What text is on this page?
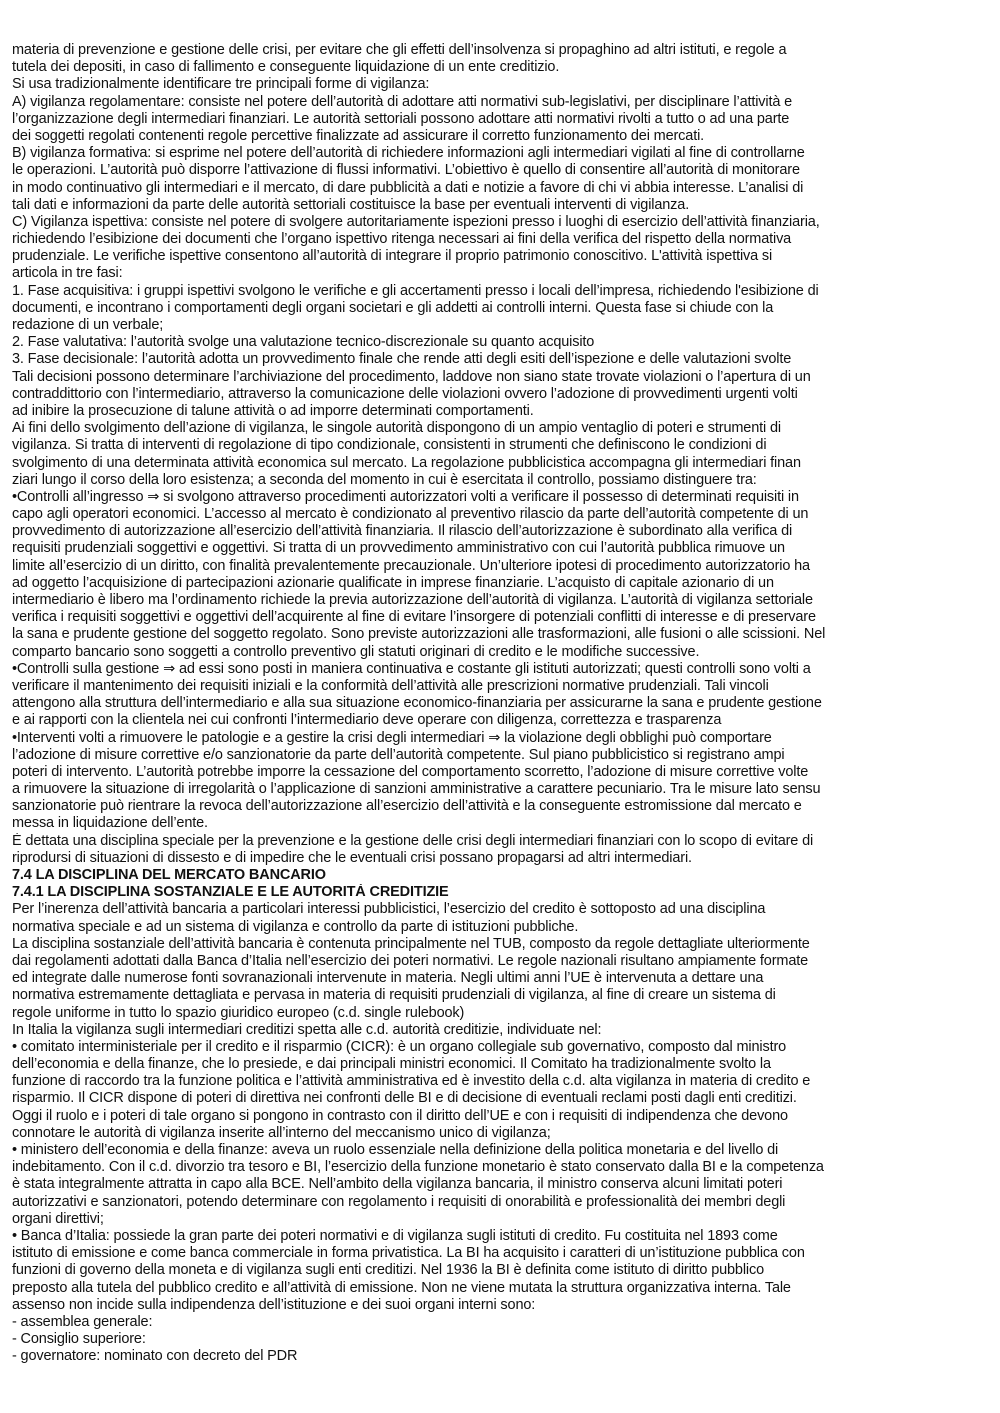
materia di prevenzione e gestione delle crisi, per evitare che gli effetti dell’insolvenza si propaghino ad altri istituti, e regole a
tutela dei depositi, in caso di fallimento e conseguente liquidazione di un ente creditizio.
Si usa tradizionalmente identificare tre principali forme di vigilanza:
A) vigilanza regolamentare: consiste nel potere dell’autorità di adottare atti normativi sub-legislativi, per disciplinare l’attività e
l’organizzazione degli intermediari finanziari. Le autorità settoriali possono adottare atti normativi rivolti a tutto o ad una parte
dei soggetti regolati contenenti regole percettive finalizzate ad assicurare il corretto funzionamento dei mercati.
B) vigilanza formativa: si esprime nel potere dell’autorità di richiedere informazioni agli intermediari vigilati al fine di controllarne
le operazioni. L’autorità può disporre l’attivazione di flussi informativi. L’obiettivo è quello di consentire all’autorità di monitorare
in modo continuativo gli intermediari e il mercato, di dare pubblicità a dati e notizie a favore di chi vi abbia interesse. L’analisi di
tali dati e informazioni da parte delle autorità settoriali costituisce la base per eventuali interventi di vigilanza.
C) Vigilanza ispettiva: consiste nel potere di svolgere autoritariamente ispezioni presso i luoghi di esercizio dell’attività finanziaria,
richiedendo l’esibizione dei documenti che l’organo ispettivo ritenga necessari ai fini della verifica del rispetto della normativa
prudenziale. Le verifiche ispettive consentono all’autorità di integrare il proprio patrimonio conoscitivo. L'attività ispettiva si
articola in tre fasi:
1. Fase acquisitiva: i gruppi ispettivi svolgono le verifiche e gli accertamenti presso i locali dell’impresa, richiedendo l'esibizione di
documenti, e incontrano i comportamenti degli organi societari e gli addetti ai controlli interni. Questa fase si chiude con la
redazione di un verbale;
2. Fase valutativa: l’autorità svolge una valutazione tecnico-discrezionale su quanto acquisito
3. Fase decisionale: l’autorità adotta un provvedimento finale che rende atti degli esiti dell’ispezione e delle valutazioni svolte
Tali decisioni possono determinare l’archiviazione del procedimento, laddove non siano state trovate violazioni o l’apertura di un
contraddittorio con l’intermediario, attraverso la comunicazione delle violazioni ovvero l’adozione di provvedimenti urgenti volti
ad inibire la prosecuzione di talune attività o ad imporre determinati comportamenti.
Ai fini dello svolgimento dell’azione di vigilanza, le singole autorità dispongono di un ampio ventaglio di poteri e strumenti di
vigilanza. Si tratta di interventi di regolazione di tipo condizionale, consistenti in strumenti che definiscono le condizioni di
svolgimento di una determinata attività economica sul mercato. La regolazione pubblicistica accompagna gli intermediari finan
ziari lungo il corso della loro esistenza; a seconda del momento in cui è esercitata il controllo, possiamo distinguere tra:
•Controlli all’ingresso ⇒ si svolgono attraverso procedimenti autorizzatori volti a verificare il possesso di determinati requisiti in
capo agli operatori economici. L’accesso al mercato è condizionato al preventivo rilascio da parte dell’autorità competente di un
provvedimento di autorizzazione all’esercizio dell’attività finanziaria. Il rilascio dell’autorizzazione è subordinato alla verifica di
requisiti prudenziali soggettivi e oggettivi. Si tratta di un provvedimento amministrativo con cui l’autorità pubblica rimuove un
limite all’esercizio di un diritto, con finalità prevalentemente precauzionale. Un’ulteriore ipotesi di procedimento autorizzatorio ha
ad oggetto l’acquisizione di partecipazioni azionarie qualificate in imprese finanziarie. L’acquisto di capitale azionario di un
intermediario è libero ma l’ordinamento richiede la previa autorizzazione dell’autorità di vigilanza. L’autorità di vigilanza settoriale
verifica i requisiti soggettivi e oggettivi dell’acquirente al fine di evitare l’insorgere di potenziali conflitti di interesse e di preservare
la sana e prudente gestione del soggetto regolato. Sono previste autorizzazioni alle trasformazioni, alle fusioni o alle scissioni. Nel
comparto bancario sono soggetti a controllo preventivo gli statuti originari di credito e le modifiche successive.
•Controlli sulla gestione ⇒ ad essi sono posti in maniera continuativa e costante gli istituti autorizzati; questi controlli sono volti a
verificare il mantenimento dei requisiti iniziali e la conformità dell’attività alle prescrizioni normative prudenziali. Tali vincoli
attengono alla struttura dell’intermediario e alla sua situazione economico-finanziaria per assicurarne la sana e prudente gestione
e ai rapporti con la clientela nei cui confronti l’intermediario deve operare con diligenza, correttezza e trasparenza
•Interventi volti a rimuovere le patologie e a gestire la crisi degli intermediari ⇒ la violazione degli obblighi può comportare
l’adozione di misure correttive e/o sanzionatorie da parte dell’autorità competente. Sul piano pubblicistico si registrano ampi
poteri di intervento. L’autorità potrebbe imporre la cessazione del comportamento scorretto, l’adozione di misure correttive volte
a rimuovere la situazione di irregolarità o l’applicazione di sanzioni amministrative a carattere pecuniario. Tra le misure lato sensu
sanzionatorie può rientrare la revoca dell’autorizzazione all’esercizio dell’attività e la conseguente estromissione dal mercato e
messa in liquidazione dell’ente.
È dettata una disciplina speciale per la prevenzione e la gestione delle crisi degli intermediari finanziari con lo scopo di evitare di
riprodursi di situazioni di dissesto e di impedire che le eventuali crisi possano propagarsi ad altri intermediari.
7.4 LA DISCIPLINA DEL MERCATO BANCARIO
7.4.1 LA DISCIPLINA SOSTANZIALE E LE AUTORITÀ CREDITIZIE
Per l’inerenza dell’attività bancaria a particolari interessi pubblicistici, l’esercizio del credito è sottoposto ad una disciplina
normativa speciale e ad un sistema di vigilanza e controllo da parte di istituzioni pubbliche.
La disciplina sostanziale dell’attività bancaria è contenuta principalmente nel TUB, composto da regole dettagliate ulteriormente
dai regolamenti adottati dalla Banca d’Italia nell’esercizio dei poteri normativi. Le regole nazionali risultano ampiamente formate
ed integrate dalle numerose fonti sovranazionali intervenute in materia. Negli ultimi anni l’UE è intervenuta a dettare una
normativa estremamente dettagliata e pervasa in materia di requisiti prudenziali di vigilanza, al fine di creare un sistema di
regole uniforme in tutto lo spazio giuridico europeo (c.d. single rulebook)
In Italia la vigilanza sugli intermediari creditizi spetta alle c.d. autorità creditizie, individuate nel:
• comitato interministeriale per il credito e il risparmio (CICR): è un organo collegiale sub governativo, composto dal ministro
dell’economia e della finanze, che lo presiede, e dai principali ministri economici. Il Comitato ha tradizionalmente svolto la
funzione di raccordo tra la funzione politica e l’attività amministrativa ed è investito della c.d. alta vigilanza in materia di credito e
risparmio. Il CICR dispone di poteri di direttiva nei confronti delle BI e di decisione di eventuali reclami posti dagli enti creditizi.
Oggi il ruolo e i poteri di tale organo si pongono in contrasto con il diritto dell’UE e con i requisiti di indipendenza che devono
connotare le autorità di vigilanza inserite all’interno del meccanismo unico di vigilanza;
• ministero dell’economia e della finanze: aveva un ruolo essenziale nella definizione della politica monetaria e del livello di
indebitamento. Con il c.d. divorzio tra tesoro e BI, l’esercizio della funzione monetario è stato conservato dalla BI e la competenza
è stata integralmente attratta in capo alla BCE. Nell’ambito della vigilanza bancaria, il ministro conserva alcuni limitati poteri
autorizzativi e sanzionatori, potendo determinare con regolamento i requisiti di onorabilità e professionalità dei membri degli
organi direttivi;
• Banca d’Italia: possiede la gran parte dei poteri normativi e di vigilanza sugli istituti di credito. Fu costituita nel 1893 come
istituto di emissione e come banca commerciale in forma privatistica. La BI ha acquisito i caratteri di un’istituzione pubblica con
funzioni di governo della moneta e di vigilanza sugli enti creditizi. Nel 1936 la BI è definita come istituto di diritto pubblico
preposto alla tutela del pubblico credito e all’attività di emissione. Non ne viene mutata la struttura organizzativa interna. Tale
assenso non incide sulla indipendenza dell’istituzione e dei suoi organi interni sono:
- assemblea generale:
- Consiglio superiore:
- governatore: nominato con decreto del PDR
